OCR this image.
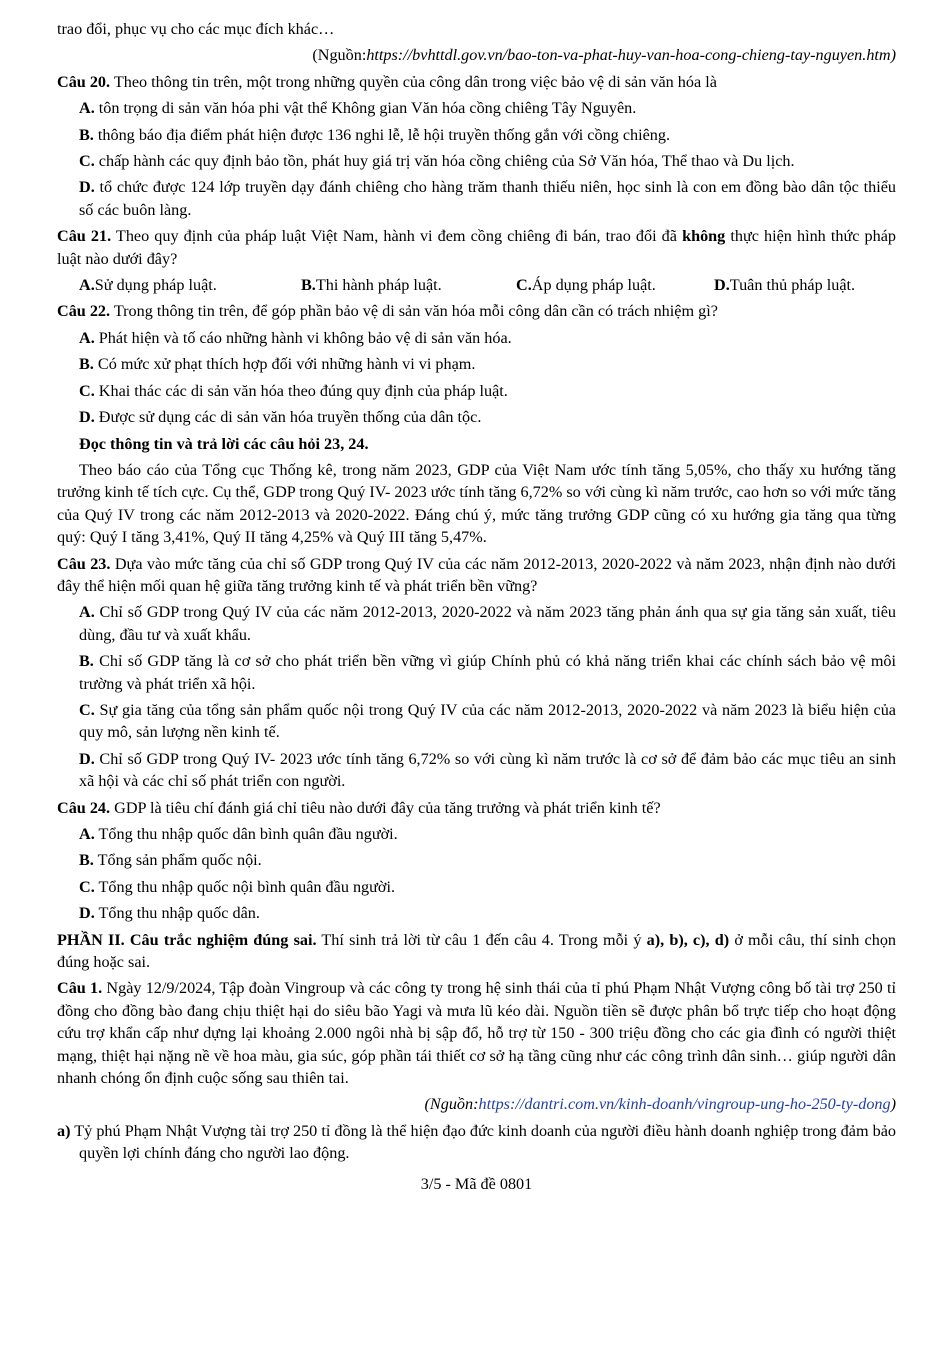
trao đổi, phục vụ cho các mục đích khác…

(Nguồn:https://bvhttdl.gov.vn/bao-ton-va-phat-huy-van-hoa-cong-chieng-tay-nguyen.htm)

Câu 20. Theo thông tin trên, một trong những quyền của công dân trong việc bảo vệ di sản văn hóa là

A. tôn trọng di sản văn hóa phi vật thể Không gian Văn hóa cồng chiêng Tây Nguyên.

B. thông báo địa điểm phát hiện được 136 nghi lễ, lễ hội truyền thống gắn với cồng chiêng.

C. chấp hành các quy định bảo tồn, phát huy giá trị văn hóa cồng chiêng của Sở Văn hóa, Thể thao và Du lịch.

D. tổ chức được 124 lớp truyền dạy đánh chiêng cho hàng trăm thanh thiếu niên, học sinh là con em đồng bào dân tộc thiểu số các buôn làng.

Câu 21. Theo quy định của pháp luật Việt Nam, hành vi đem cồng chiêng đi bán, trao đổi đã không thực hiện hình thức pháp luật nào dưới đây?

A.Sử dụng pháp luật.	B.Thi hành pháp luật.	C.Áp dụng pháp luật.	D.Tuân thủ pháp luật.

Câu 22. Trong thông tin trên, để góp phần bảo vệ di sản văn hóa mỗi công dân cần có trách nhiệm gì?

A. Phát hiện và tố cáo những hành vi không bảo vệ di sản văn hóa.

B. Có mức xử phạt thích hợp đối với những hành vi vi phạm.

C. Khai thác các di sản văn hóa theo đúng quy định của pháp luật.

D. Được sử dụng các di sản văn hóa truyền thống của dân tộc.

Đọc thông tin và trả lời các câu hỏi 23, 24.

Theo báo cáo của Tổng cục Thống kê, trong năm 2023, GDP của Việt Nam ước tính tăng 5,05%, cho thấy xu hướng tăng trưởng kinh tế tích cực. Cụ thể, GDP trong Quý IV- 2023 ước tính tăng 6,72% so với cùng kì năm trước, cao hơn so với mức tăng của Quý IV trong các năm 2012-2013 và 2020-2022. Đáng chú ý, mức tăng trưởng GDP cũng có xu hướng gia tăng qua từng quý: Quý I tăng 3,41%, Quý II tăng 4,25% và Quý III tăng 5,47%.

Câu 23. Dựa vào mức tăng của chỉ số GDP trong Quý IV của các năm 2012-2013, 2020-2022 và năm 2023, nhận định nào dưới đây thể hiện mối quan hệ giữa tăng trưởng kinh tế và phát triển bền vững?

A. Chỉ số GDP trong Quý IV của các năm 2012-2013, 2020-2022 và năm 2023 tăng phản ánh qua sự gia tăng sản xuất, tiêu dùng, đầu tư và xuất khẩu.

B. Chỉ số GDP tăng là cơ sở cho phát triển bền vững vì giúp Chính phủ có khả năng triển khai các chính sách bảo vệ môi trường và phát triển xã hội.

C. Sự gia tăng của tổng sản phẩm quốc nội trong Quý IV của các năm 2012-2013, 2020-2022 và năm 2023 là biểu hiện của quy mô, sản lượng nền kinh tế.

D. Chỉ số GDP trong Quý IV- 2023 ước tính tăng 6,72% so với cùng kì năm trước là cơ sở để đảm bảo các mục tiêu an sinh xã hội và các chỉ số phát triển con người.

Câu 24. GDP là tiêu chí đánh giá chỉ tiêu nào dưới đây của tăng trưởng và phát triển kinh tế?

A. Tổng thu nhập quốc dân bình quân đầu người.

B. Tổng sản phẩm quốc nội.

C. Tổng thu nhập quốc nội bình quân đầu người.

D. Tổng thu nhập quốc dân.

PHẦN II. Câu trắc nghiệm đúng sai. Thí sinh trả lời từ câu 1 đến câu 4. Trong mỗi ý a), b), c), d) ở mỗi câu, thí sinh chọn đúng hoặc sai.

Câu 1. Ngày 12/9/2024, Tập đoàn Vingroup và các công ty trong hệ sinh thái của tỉ phú Phạm Nhật Vượng công bố tài trợ 250 tỉ đồng cho đồng bào đang chịu thiệt hại do siêu bão Yagi và mưa lũ kéo dài. Nguồn tiền sẽ được phân bổ trực tiếp cho hoạt động cứu trợ khẩn cấp như dựng lại khoảng 2.000 ngôi nhà bị sập đổ, hỗ trợ từ 150 - 300 triệu đồng cho các gia đình có người thiệt mạng, thiệt hại nặng nề về hoa màu, gia súc, góp phần tái thiết cơ sở hạ tầng cũng như các công trình dân sinh… giúp người dân nhanh chóng ổn định cuộc sống sau thiên tai.

(Nguồn:https://dantri.com.vn/kinh-doanh/vingroup-ung-ho-250-ty-dong)

a) Tỷ phú Phạm Nhật Vượng tài trợ 250 tỉ đồng là thể hiện đạo đức kinh doanh của người điều hành doanh nghiệp trong đảm bảo quyền lợi chính đáng cho người lao động.

3/5 - Mã đề 0801
